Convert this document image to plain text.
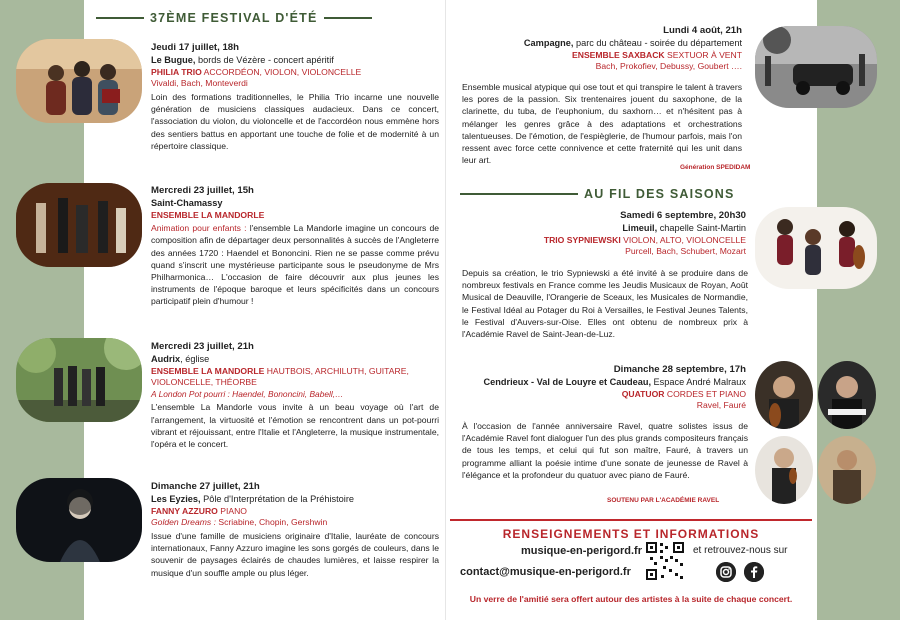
37ÈME FESTIVAL D'ÉTÉ
Jeudi 17 juillet, 18h
Le Bugue, bords de Vézère - concert apéritif
PHILIA TRIO ACCORDÉON, VIOLON, VIOLONCELLE
Vivaldi, Bach, Monteverdi
Loin des formations traditionnelles, le Philia Trio incarne une nouvelle génération de musiciens classiques audacieux. Dans ce concert, l'association du violon, du violoncelle et de l'accordéon nous emmène hors des sentiers battus en apportant une touche de folie et de modernité à un répertoire classique.
Mercredi 23 juillet, 15h
Saint-Chamassy
ENSEMBLE LA MANDORLE
Animation pour enfants : l'ensemble La Mandorle imagine un concours de composition afin de départager deux personnalités à succès de l'Angleterre des années 1720 : Haendel et Bononcini. Rien ne se passe comme prévu quand s'inscrit une mystérieuse participante sous le pseudonyme de Mrs Philharmonica… L'occasion de faire découvrir aux plus jeunes les instruments de l'époque baroque et leurs spécificités dans un concours participatif plein d'humour !
Mercredi 23 juillet, 21h
Audrix, église
ENSEMBLE LA MANDORLE HAUTBOIS, ARCHILUTH, GUITARE, VIOLONCELLE, THÉORBE
A London Pot pourri : Haendel, Bononcini, Babell,…
L'ensemble La Mandorle vous invite à un beau voyage où l'art de l'arrangement, la virtuosité et l'émotion se rencontrent dans un pot-pourri vibrant et réjouissant, entre l'Italie et l'Angleterre, la musique instrumentale, l'opéra et le concert.
Dimanche 27 juillet, 21h
Les Eyzies, Pôle d'Interprétation de la Préhistoire
FANNY AZZURO PIANO
Golden Dreams : Scriabine, Chopin, Gershwin
Issue d'une famille de musiciens originaire d'Italie, lauréate de concours internationaux, Fanny Azzuro imagine les sons gorgés de couleurs, dans le souvenir de paysages éclairés de chaudes lumières, et laisse respirer la musique d'un souffle ample ou plus léger.
Lundi 4 août, 21h
Campagne, parc du château - soirée du département
ENSEMBLE SAXBACK SEXTUOR À VENT
Bach, Prokofiev, Debussy, Goubert ….
Ensemble musical atypique qui ose tout et qui transpire le talent à travers les pores de la passion. Six trentenaires jouent du saxophone, de la clarinette, du tuba, de l'euphonium, du saxhorn… et n'hésitent pas à mélanger les genres grâce à des adaptations et orchestrations talentueuses. De l'émotion, de l'espièglerie, de l'humour parfois, mais l'on ressent avec force cette connivence et cette fraternité qui les unit dans leur art.
Génération SPEDIDAM
AU FIL DES SAISONS
Samedi 6 septembre, 20h30
Limeuil, chapelle Saint-Martin
TRIO SYPNIEWSKI VIOLON, ALTO, VIOLONCELLE
Purcell, Bach, Schubert, Mozart
Depuis sa création, le trio Sypniewski a été invité à se produire dans de nombreux festivals en France comme les Jeudis Musicaux de Royan, Août Musical de Deauville, l'Orangerie de Sceaux, les Musicales de Normandie, le Festival Idéal au Potager du Roi à Versailles, le Festival Jeunes Talents, le Festival d'Auvers-sur-Oise. Elles ont obtenu de nombreux prix à l'Académie Ravel de Saint-Jean-de-Luz.
Dimanche 28 septembre, 17h
Cendrieux - Val de Louyre et Caudeau, Espace André Malraux
QUATUOR CORDES ET PIANO
Ravel, Fauré
À l'occasion de l'année anniversaire Ravel, quatre solistes issus de l'Académie Ravel font dialoguer l'un des plus grands compositeurs français de tous les temps, et celui qui fut son maître, Fauré, à travers un programme alliant la poésie intime d'une sonate de jeunesse de Ravel à l'élégance et la profondeur du quatuor avec piano de Fauré.
SOUTENU PAR L'ACADÉMIE RAVEL
RENSEIGNEMENTS ET INFORMATIONS
musique-en-perigord.fr
contact@musique-en-perigord.fr
et retrouvez-nous sur
Un verre de l'amitié sera offert autour des artistes à la suite de chaque concert.
